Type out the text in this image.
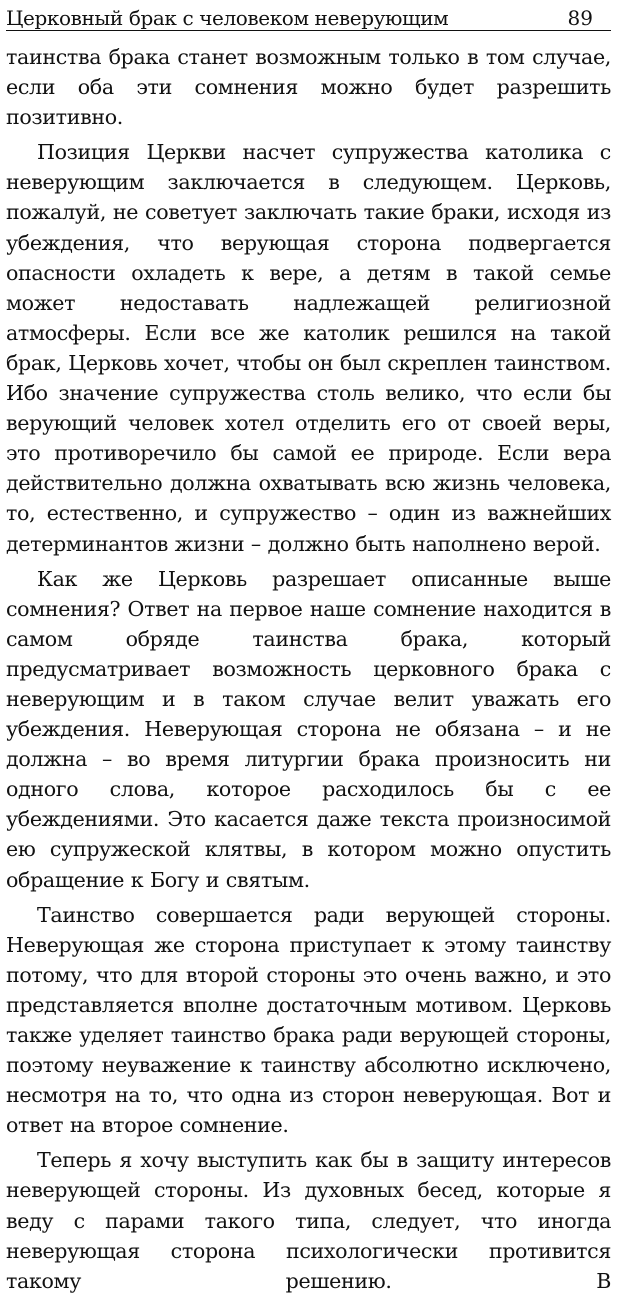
Церковный брак с человеком неверующим	89

таинства брака станет возможным только в том случае, если оба эти сомнения можно будет разрешить позитивно.

Позиция Церкви насчет супружества католика с неверующим заключается в следующем. Церковь, пожалуй, не советует заключать такие браки, исходя из убеждения, что верующая сторона подвергается опасности охладеть к вере, а детям в такой семье может недоставать надлежащей религиозной атмосферы. Если все же католик решился на такой брак, Церковь хочет, чтобы он был скреплен таинством. Ибо значение супружества столь велико, что если бы верующий человек хотел отделить его от своей веры, это противоречило бы самой ее природе. Если вера действительно должна охватывать всю жизнь человека, то, естественно, и супружество – один из важнейших детерминантов жизни – должно быть наполнено верой.

Как же Церковь разрешает описанные выше сомнения? Ответ на первое наше сомнение находится в самом обряде таинства брака, который предусматривает возможность церковного брака с неверующим и в таком случае велит уважать его убеждения. Неверующая сторона не обязана – и не должна – во время литургии брака произносить ни одного слова, которое расходилось бы с ее убеждениями. Это касается даже текста произносимой ею супружеской клятвы, в котором можно опустить обращение к Богу и святым.

Таинство совершается ради верующей стороны. Неверующая же сторона приступает к этому таинству потому, что для второй стороны это очень важно, и это представляется вполне достаточным мотивом. Церковь также уделяет таинство брака ради верующей стороны, поэтому неуважение к таинству абсолютно исключено, несмотря на то, что одна из сторон неверующая. Вот и ответ на второе сомнение.

Теперь я хочу выступить как бы в защиту интересов неверующей стороны. Из духовных бесед, которые я веду с парами такого типа, следует, что иногда неверующая сторона психологически противится такому решению. В
